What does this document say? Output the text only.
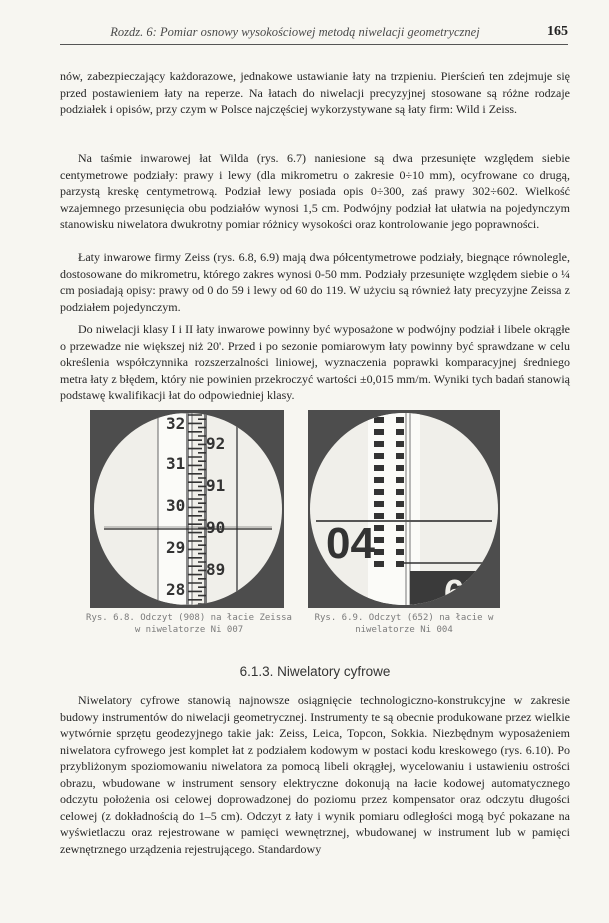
Rozdz. 6: Pomiar osnowy wysokościowej metodą niwelacji geometrycznej	165

nów, zabezpieczający każdorazowe, jednakowe ustawianie łaty na trzpieniu. Pierścień ten zdejmuje się przed postawieniem łaty na reperze. Na łatach do niwelacji precyzyjnej stosowane są różne rodzaje podziałek i opisów, przy czym w Polsce najczęściej wykorzystywane są łaty firm: Wild i Zeiss.

Na taśmie inwarowej łat Wilda (rys. 6.7) naniesione są dwa przesunięte względem siebie centymetrowe podziały: prawy i lewy (dla mikrometru o zakresie 0÷10 mm), ocyfrowane co drugą, parzystą kreskę centymetrową. Podział lewy posiada opis 0÷300, zaś prawy 302÷602. Wielkość wzajemnego przesunięcia obu podziałów wynosi 1,5 cm. Podwójny podział łat ułatwia na pojedynczym stanowisku niwelatora dwukrotny pomiar różnicy wysokości oraz kontrolowanie jego poprawności.

Łaty inwarowe firmy Zeiss (rys. 6.8, 6.9) mają dwa półcentymetrowe podziały, biegnące równolegle, dostosowane do mikrometru, którego zakres wynosi 0-50 mm. Podziały przesunięte względem siebie o ¼ cm posiadają opisy: prawy od 0 do 59 i lewy od 60 do 119. W użyciu są również łaty precyzyjne Zeissa z podziałem pojedynczym.

Do niwelacji klasy I i II łaty inwarowe powinny być wyposażone w podwójny podział i libele okrągłe o przewadze nie większej niż 20'. Przed i po sezonie pomiarowym łaty powinny być sprawdzane w celu określenia współczynnika rozszerzalności liniowej, wyznaczenia poprawki komparacyjnej średniego metra łaty z błędem, który nie powinien przekroczyć wartości ±0,015 mm/m. Wyniki tych badań stanowią podstawę kwalifikacji łat do odpowiedniej klasy.

32
31
30
29
28
92
91
90
89
Rys. 6.8. Odczyt (908) na łacie Zeissa w niwelatorze Ni 007
04
65
Rys. 6.9. Odczyt (652) na łacie w niwelatorze Ni 004
6.1.3. Niwelatory cyfrowe

Niwelatory cyfrowe stanowią najnowsze osiągnięcie technologiczno-konstrukcyjne w zakresie budowy instrumentów do niwelacji geometrycznej. Instrumenty te są obecnie produkowane przez wielkie wytwórnie sprzętu geodezyjnego takie jak: Zeiss, Leica, Topcon, Sokkia. Niezbędnym wyposażeniem niwelatora cyfrowego jest komplet łat z podziałem kodowym w postaci kodu kreskowego (rys. 6.10). Po przybliżonym spoziomowaniu niwelatora za pomocą libeli okrągłej, wycelowaniu i ustawieniu ostrości obrazu, wbudowane w instrument sensory elektryczne dokonują na łacie kodowej automatycznego odczytu położenia osi celowej doprowadzonej do poziomu przez kompensator oraz odczytu długości celowej (z dokładnością do 1–5 cm). Odczyt z łaty i wynik pomiaru odległości mogą być pokazane na wyświetlaczu oraz rejestrowane w pamięci wewnętrznej, wbudowanej w instrument lub w pamięci zewnętrznego urządzenia rejestrującego. Standardowy
